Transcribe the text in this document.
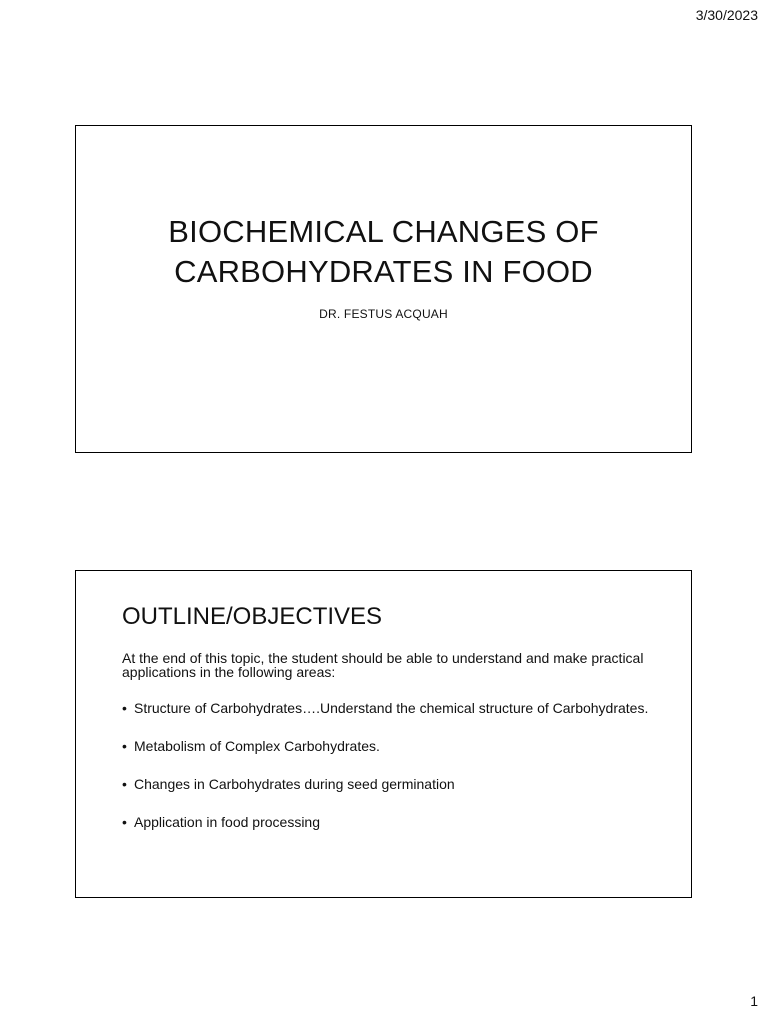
3/30/2023
BIOCHEMICAL CHANGES OF
CARBOHYDRATES IN FOOD
DR. FESTUS ACQUAH
OUTLINE/OBJECTIVES
At the end of this topic, the student should be able to understand and make practical applications in the following areas:
• Structure of Carbohydrates….Understand the chemical structure of Carbohydrates.
• Metabolism of Complex Carbohydrates.
• Changes in Carbohydrates during seed germination
• Application in food processing
1
